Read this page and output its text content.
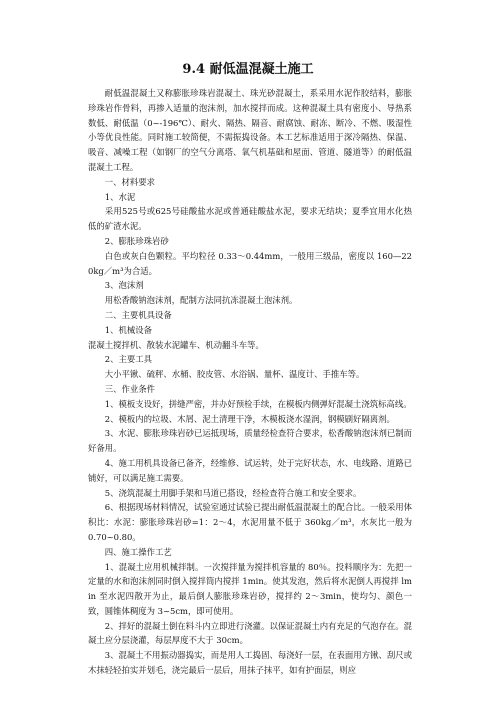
9.4 耐低温混凝土施工

耐低温混凝土又称膨胀珍珠岩混凝土、珠光砂混凝土，系采用水泥作胶结料，膨胀珍珠岩作骨料，再掺入适量的泡沫剂，加水搅拌而成。这种混凝土具有密度小、导热系数低、耐低温（0~-196℃）、耐火、隔热、隔音、耐腐蚀、耐冻、断冷、不燃、吸湿性小等优良性能。同时施工较简便，不需振捣设备。本工艺标准适用于深冷隔热、保温、吸音、减噪工程（如钢厂的空气分离塔、氧气机基础和屋面、管道、隧道等）的耐低温混凝土工程。

一、材料要求

1、水泥

采用525号或625号硅酸盐水泥或普通硅酸盐水泥，要求无结块；夏季宜用水化热低的矿渣水泥。

2、膨胀珍珠岩砂

白色或灰白色颗粒。平均粒径 0.33～0.44mm，一般用三级品，密度以 160—220kg／m³为合适。

3、泡沫剂

用松香酸钠泡沫剂，配制方法同抗冻混凝土泡沫剂。

二、主要机具设备

1、机械设备

混凝土搅拌机、散装水泥罐车、机动翻斗车等。

2、主要工具

大小平锹、硫秤、水桶、胶皮管、水浴锅、量杯、温度计、手推车等。

三、作业条件

1、模板支设好，拼缝严密，并办好预检手续，在模板内侧弹好混凝土浇筑标高线。

2、模板内的垃圾、木屑、泥土清理干净，木模板浇水湿润，钢模刷好隔离剂。

3、水泥、膨胀珍珠岩砂已运抵现场，质量经检查符合要求，松香酸钠泡沫剂已制而好备用。

4、施工用机具设备已备齐，经维修、试运转，处于完好状态，水、电线路、道路已铺好，可以满足施工需要。

5、浇筑混凝土用脚手架和马道已搭设，经检查符合施工和安全要求。

6、根据现场材料情况，试验室通过试验已提出耐低温混凝土的配合比。一般采用体积比：水泥：膨胀珍珠岩砂=1：2～4，水泥用量不低于 360kg／m³，水灰比一般为 0.70~0.80。

四、施工操作工艺

1、混凝土应用机械拌制。一次搅拌量为搅拌机容量的 80％。投料顺序为：先把一定量的水和泡沫剂同时倒入搅拌筒内搅拌 1min。使其发泡，然后将水泥倒人再搅拌 lmin 至水泥四散开为止，最后倒人膨胀珍珠岩砂，搅拌约 2～3min，使均匀、颜色一致，圆锥体稠度为 3~5cm，即可使用。

2、拌好的混凝土倒在料斗内立即进行浇灌。以保证混凝土内有充足的气泡存在。混凝土应分层浇灌，每层厚度不大于 30cm。

3、混凝土不用振动器捣实，而是用人工捣固、每浇好一层，在表面用方锹、刮尺或木抹轻轻拍实并划毛，浇完最后一层后，用抹子抹平，如有护面层，则应
